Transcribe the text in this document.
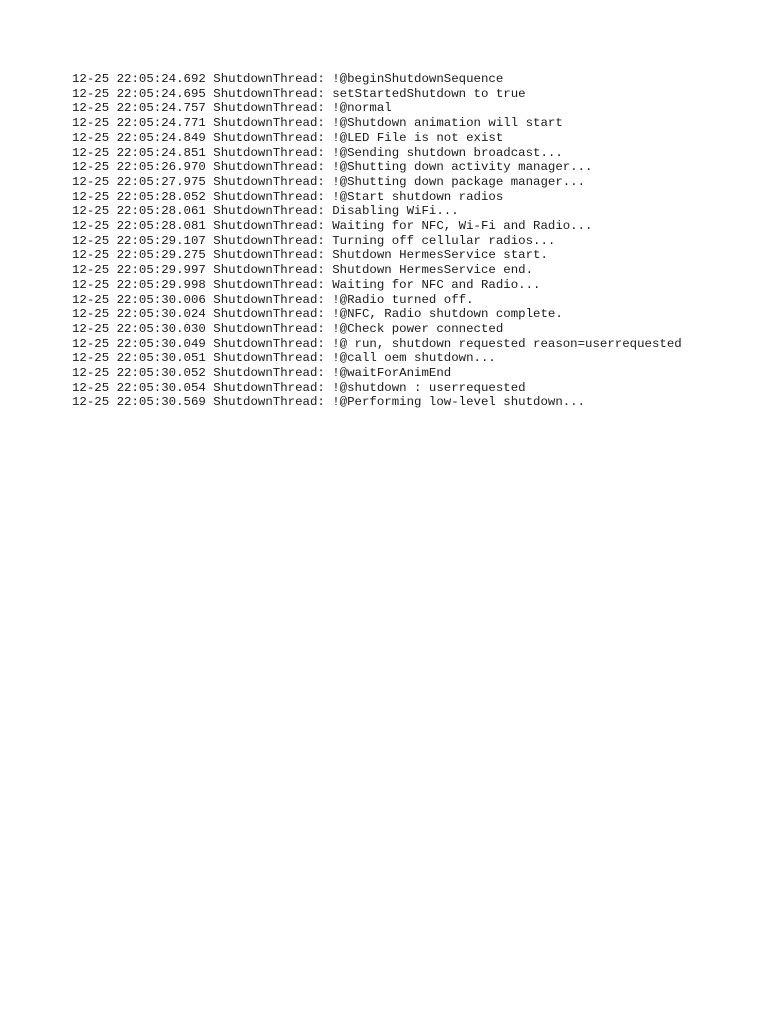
12-25 22:05:24.692 ShutdownThread: !@beginShutdownSequence
12-25 22:05:24.695 ShutdownThread: setStartedShutdown to true
12-25 22:05:24.757 ShutdownThread: !@normal
12-25 22:05:24.771 ShutdownThread: !@Shutdown animation will start
12-25 22:05:24.849 ShutdownThread: !@LED File is not exist
12-25 22:05:24.851 ShutdownThread: !@Sending shutdown broadcast...
12-25 22:05:26.970 ShutdownThread: !@Shutting down activity manager...
12-25 22:05:27.975 ShutdownThread: !@Shutting down package manager...
12-25 22:05:28.052 ShutdownThread: !@Start shutdown radios
12-25 22:05:28.061 ShutdownThread: Disabling WiFi...
12-25 22:05:28.081 ShutdownThread: Waiting for NFC, Wi-Fi and Radio...
12-25 22:05:29.107 ShutdownThread: Turning off cellular radios...
12-25 22:05:29.275 ShutdownThread: Shutdown HermesService start.
12-25 22:05:29.997 ShutdownThread: Shutdown HermesService end.
12-25 22:05:29.998 ShutdownThread: Waiting for NFC and Radio...
12-25 22:05:30.006 ShutdownThread: !@Radio turned off.
12-25 22:05:30.024 ShutdownThread: !@NFC, Radio shutdown complete.
12-25 22:05:30.030 ShutdownThread: !@Check power connected
12-25 22:05:30.049 ShutdownThread: !@ run, shutdown requested reason=userrequested
12-25 22:05:30.051 ShutdownThread: !@call oem shutdown...
12-25 22:05:30.052 ShutdownThread: !@waitForAnimEnd
12-25 22:05:30.054 ShutdownThread: !@shutdown : userrequested
12-25 22:05:30.569 ShutdownThread: !@Performing low-level shutdown...
